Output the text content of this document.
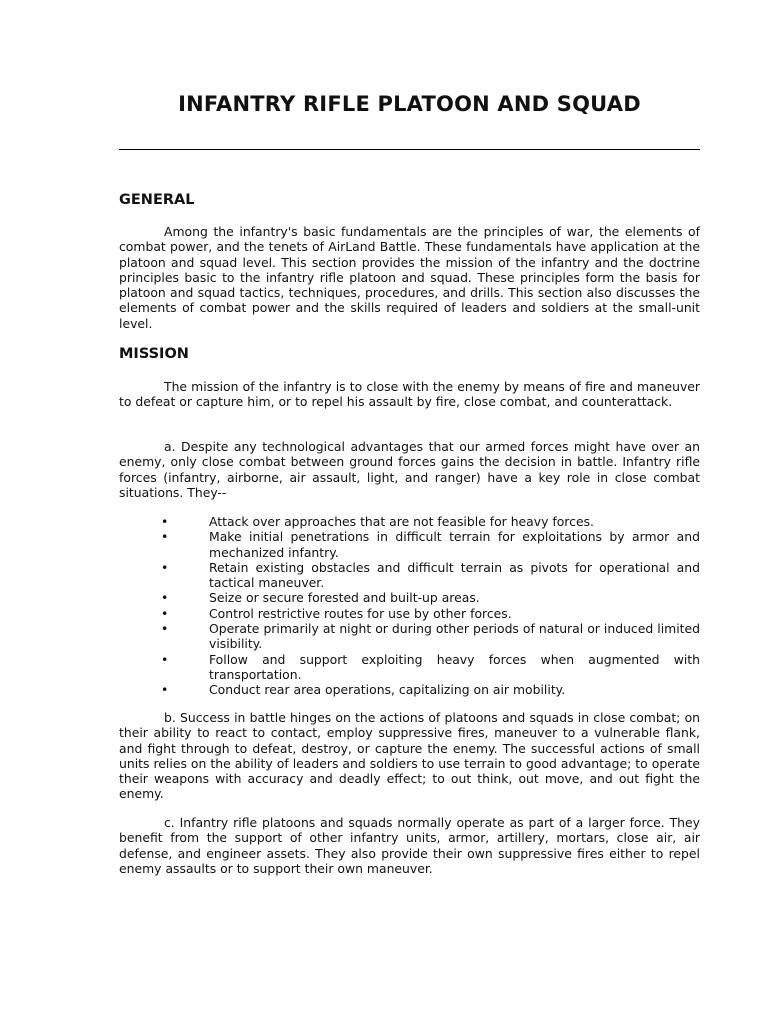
INFANTRY RIFLE PLATOON AND SQUAD
GENERAL

Among the infantry's basic fundamentals are the principles of war, the elements of combat power, and the tenets of AirLand Battle. These fundamentals have application at the platoon and squad level. This section provides the mission of the infantry and the doctrine principles basic to the infantry rifle platoon and squad. These principles form the basis for platoon and squad tactics, techniques, procedures, and drills. This section also discusses the elements of combat power and the skills required of leaders and soldiers at the small-unit level.

MISSION

The mission of the infantry is to close with the enemy by means of fire and maneuver to defeat or capture him, or to repel his assault by fire, close combat, and counterattack.

a. Despite any technological advantages that our armed forces might have over an enemy, only close combat between ground forces gains the decision in battle. Infantry rifle forces (infantry, airborne, air assault, light, and ranger) have a key role in close combat situations. They--

•	Attack over approaches that are not feasible for heavy forces.
•	Make initial penetrations in difficult terrain for exploitations by armor and mechanized infantry.
•	Retain existing obstacles and difficult terrain as pivots for operational and tactical maneuver.
•	Seize or secure forested and built-up areas.
•	Control restrictive routes for use by other forces.
•	Operate primarily at night or during other periods of natural or induced limited visibility.
•	Follow and support exploiting heavy forces when augmented with transportation.
•	Conduct rear area operations, capitalizing on air mobility.

b. Success in battle hinges on the actions of platoons and squads in close combat; on their ability to react to contact, employ suppressive fires, maneuver to a vulnerable flank, and fight through to defeat, destroy, or capture the enemy. The successful actions of small units relies on the ability of leaders and soldiers to use terrain to good advantage; to operate their weapons with accuracy and deadly effect; to out think, out move, and out fight the enemy.

c. Infantry rifle platoons and squads normally operate as part of a larger force. They benefit from the support of other infantry units, armor, artillery, mortars, close air, air defense, and engineer assets. They also provide their own suppressive fires either to repel enemy assaults or to support their own maneuver.
